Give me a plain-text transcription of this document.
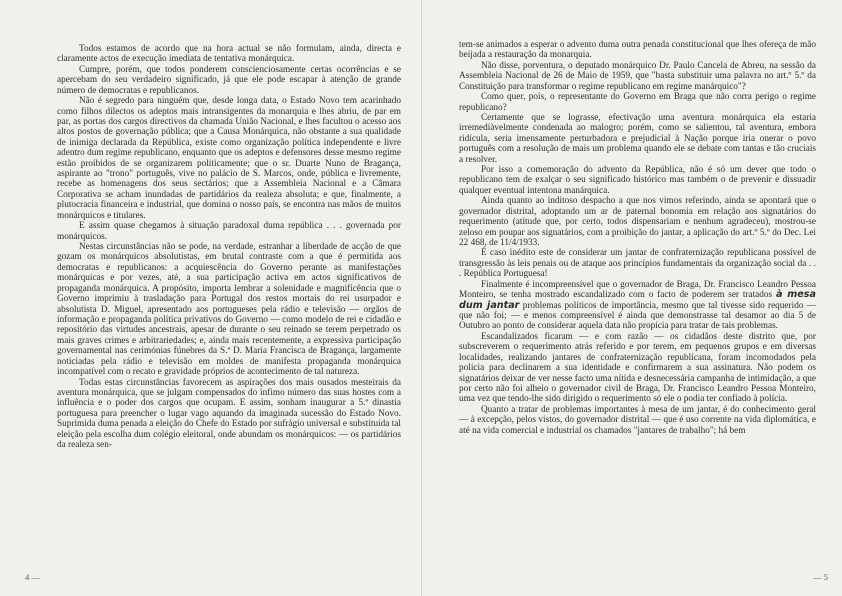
Todos estamos de acordo que na hora actual se não formulam, ainda, directa e claramente actos de execução imediata de tentativa monárquica.

Cumpre, porém, que todos ponderem conscienciosamente certas ocorrências e se apercebam do seu verdadeiro significado, já que ele pode escapar à atenção de grande número de democratas e republicanos.

Não é segredo para ninguém que, desde longa data, o Estado Novo tem acarinhado como filhos dilectos os adeptos mais intransigentes da monarquia e lhes abriu, de par em par, as portas dos cargos directivos da chamada União Nacional, e lhes facultou o acesso aos altos postos de governação pública; que a Causa Monárquica, não obstante a sua qualidade de inimiga declarada da República, existe como organização política independente e livre adentro dum regime republicano, enquanto que os adeptos e defensores desse mesmo regime estão proibidos de se organizarem politicamente; que o sr. Duarte Nuno de Bragança, aspirante ao "trono" português, vive no palácio de S. Marcos, onde, pública e livremente, recebe as homenagens dos seus sectários; que a Assembleia Nacional e a Câmara Corporativa se acham inundadas de partidários da realeza absoluta; e que, finalmente, a plutocracia financeira e industrial, que domina o nosso país, se encontra nas mãos de muitos monárquicos e titulares.

E assim quase chegamos à situação paradoxal duma república . . . governada por monárquicos.

Nestas circunstâncias não se pode, na verdade, estranhar a liberdade de acção de que gozam os monárquicos absolutistas, em brutal contraste com a que é permitida aos democratas e republicanos: a acquiescência do Governo perante as manifestações monárquicas e por vezes, até, a sua participação activa em actos significativos de propaganda monárquica. A propósito, importa lembrar a solenidade e magnificência que o Governo imprimiu à trasladação para Portugal dos restos mortais do rei usurpador e absolutista D. Miguel, apresentado aos portugueses pela rádio e televisão — orgãos de informação e propaganda política privativos do Governo — como modelo de rei e cidadão e repositório das virtudes ancestrais, apesar de durante o seu reinado se terem perpetrado os mais graves crimes e arbitrariedades; e, ainda mais recentemente, a expressiva participação governamental nas cerimónias fúnebres da S.ª D. Maria Francisca de Bragança, largamente noticiadas pela rádio e televisão em moldes de manifesta propaganda monárquica incompatível com o recato e gravidade próprios de acontecimento de tal natureza.

Todas estas circunstâncias favorecem as aspirações dos mais ousados mesteirais da aventura monárquica, que se julgam compensados do ínfimo número das suas hostes com a influência e o poder dos cargos que ocupam. E assim, sonham inaugurar a 5.ª dinastia portuguesa para preencher o lugar vago aquando da imaginada sucessão do Estado Novo. Suprimida duma penada a eleição do Chefe do Estado por sufrágio universal e substituída tal eleição pela escolha dum colégio eleitoral, onde abundam os monárquicos: — os partidários da realeza sen-

4 —

tem-se animados a esperar o advento duma outra penada constitucional que lhes ofereça de mão beijada a restauração da monarquia.

Não disse, porventura, o deputado monárquico Dr. Paulo Cancela de Abreu, na sessão da Assembleia Nacional de 26 de Maio de 1959, que "basta substituir uma palavra no art.º 5.º da Constituição para transformar o regime republicano em regime manárquico"?

Como quer, pois, o representante do Governo em Braga que não corra perigo o regime republicano?

Certamente que se lograsse, efectivação uma aventura monárquica ela estaria irremediàvelmente condenada ao malogro; porém, como se salientou, tal aventura, embora ridícula, seria imensamente perturbadora e prejudicial à Nação porque iria onerar o povo português com a resolução de mais um problema quando ele se debate com tantas e tão cruciais a resolver.

Por isso a comemoração do advento da República, não é só um dever que todo o republicano tem de exalçar o seu significado histórico mas também o de prevenir e dissuadir qualquer eventual intentona manárquica.

Ainda quanto ao inditoso despacho a que nos vimos referindo, ainda se apontará que o governador distrital, adoptando um ar de paternal bonomia em relação aos signatários do requerimento (atitude que, por certo, todos dispensariam e nenhum agradeceu), mostrou-se zeloso em poupar aos signatários, com a proibição do jantar, a aplicação do art.º 5.º do Dec. Lei 22 468, de 11/4/1933.

É caso inédito este de considerar um jantar de confraternização republicana possível de transgressão às leis penais ou de ataque aos princípios fundamentais da organização social da . . . República Portuguesa!

Finalmente é incompreensível que o governador de Braga, Dr. Francisco Leandro Pessoa Monteiro, se tenha mostrado escandalizado com o facto de poderem ser tratados à mesa dum jantar problemas políticos de importância, mesmo que tal tivesse sido requerido — que não foi; — e menos compreensível é ainda que demonstrasse tal desamor ao dia 5 de Outubro ao ponto de considerar aquela data não propícia para tratar de tais problemas.

Escandalizados ficaram — e com razão — os cidadãos deste distrito que, por subscreverem o requerimento atrás referido e por terem, em pequenos grupos e em diversas localidades, realizando jantares de confraternização republicana, foram incomodados pela polícia para declinarem a sua identidade e confirmarem a sua assinatura. Não podem os signatários deixar de ver nesse facto uma nítida e desnecessária campanha de intimidação, a que por certo não foi alheio o governador civil de Braga, Dr. Francisco Leandro Pessoa Monteiro, uma vez que tendo-lhe sido dirigido o requerimento só ele o podia ter confiado à polícia.

Quanto a tratar de problemas importantes à mesa de um jantar, é do conhecimento geral — à excepção, pelos vistos, do governador distrital — que é uso corrente na vida diplomática, e até na vida comercial e industrial os chamados "jantares de trabalho"; há bem

— 5
